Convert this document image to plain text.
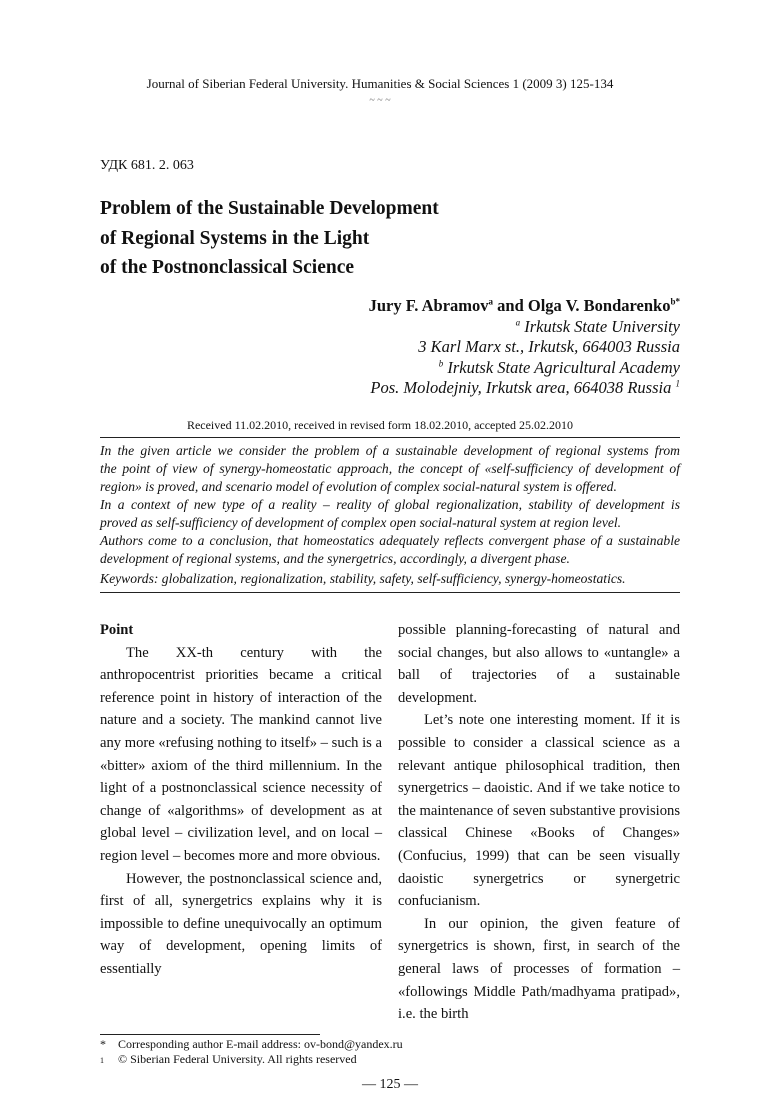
Journal of Siberian Federal University. Humanities & Social Sciences 1 (2009 3) 125-134
~ ~ ~
УДК 681. 2. 063
Problem of the Sustainable Development
of Regional Systems in the Light
of the Postnonclassical Science
Jury F. Abramov$^a$ and Olga V. Bondarenko$^{b*}$
$^a$ Irkutsk State University
3 Karl Marx st., Irkutsk, 664003 Russia
$^b$ Irkutsk State Agricultural Academy
Pos. Molodejniy, Irkutsk area, 664038 Russia $^1$
Received 11.02.2010, received in revised form 18.02.2010, accepted 25.02.2010
In the given article we consider the problem of a sustainable development of regional systems from
the point of view of synergy-homeostatic approach, the concept of «self-sufficiency of development of
region» is proved, and scenario model of evolution of complex social-natural system is offered.
In a context of new type of a reality – reality of global regionalization, stability of development is
proved as self-sufficiency of development of complex open social-natural system at region level.
Authors come to a conclusion, that homeostatics adequately reflects convergent phase of a sustainable
development of regional systems, and the synergetrics, accordingly, a divergent phase.
Keywords: globalization, regionalization, stability, safety, self-sufficiency, synergy-homeostatics.
Point
The XX-th century with the anthropocentrist priorities became a critical reference point in history of interaction of the nature and a society. The mankind cannot live any more «refusing nothing to itself» – such is a «bitter» axiom of the third millennium. In the light of a postnonclassical science necessity of change of «algorithms» of development as at global level – civilization level, and on local – region level – becomes more and more obvious.
However, the postnonclassical science and, first of all, synergetrics explains why it is impossible to define unequivocally an optimum way of development, opening limits of essentially
possible planning-forecasting of natural and social changes, but also allows to «untangle» a ball of trajectories of a sustainable development.
Let’s note one interesting moment. If it is possible to consider a classical science as a relevant antique philosophical tradition, then synergetrics – daoistic. And if we take notice to the maintenance of seven substantive provisions classical Chinese «Books of Changes» (Confucius, 1999) that can be seen visually daoistic synergetrics or synergetric confucianism.
In our opinion, the given feature of synergetrics is shown, first, in search of the general laws of processes of formation – «followings Middle Path/madhyama pratipad», i.e. the birth
* Corresponding author E-mail address: ov-bond@yandex.ru
1 © Siberian Federal University. All rights reserved
— 125 —
